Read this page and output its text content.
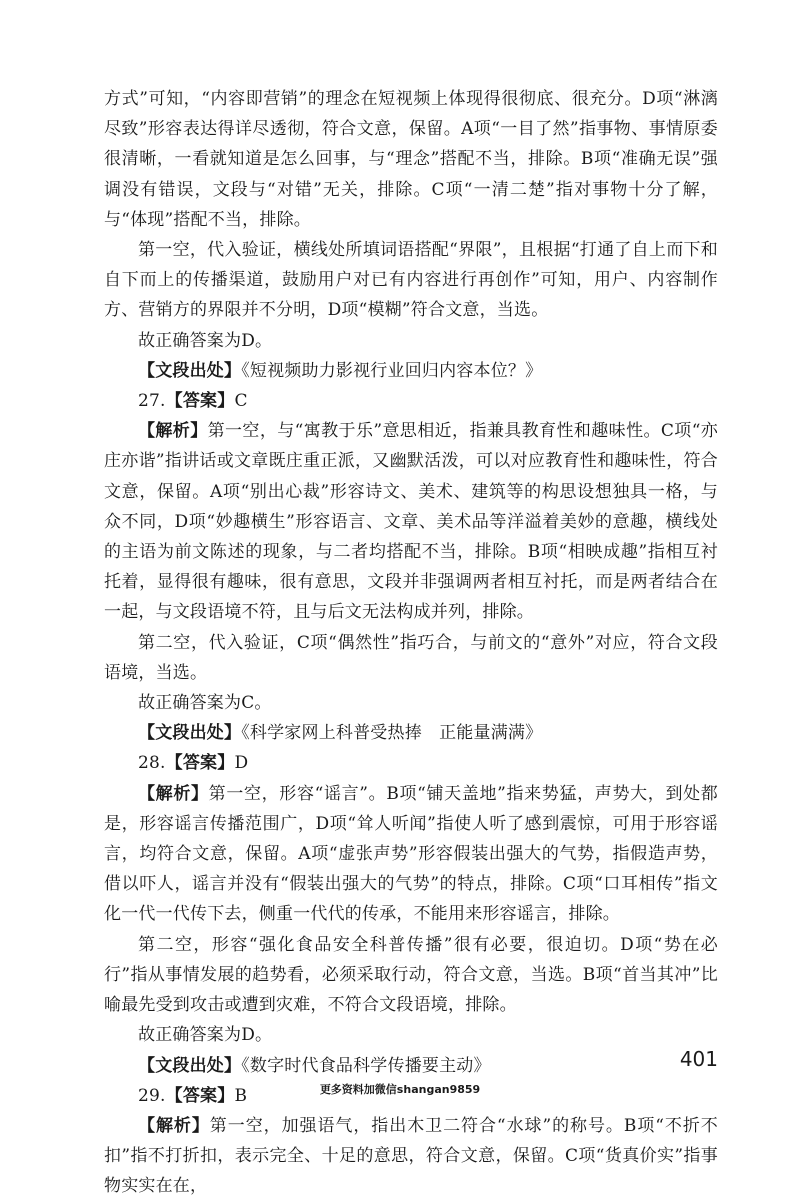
方式”可知，“内容即营销”的理念在短视频上体现得很彻底、很充分。D项“淋漓尽致”形容表达得详尽透彻，符合文意，保留。A项“一目了然”指事物、事情原委很清晰，一看就知道是怎么回事，与“理念”搭配不当，排除。B项“准确无误”强调没有错误，文段与“对错”无关，排除。C项“一清二楚”指对事物十分了解，与“体现”搭配不当，排除。

第一空，代入验证，横线处所填词语搭配“界限”，且根据“打通了自上而下和自下而上的传播渠道，鼓励用户对已有内容进行再创作”可知，用户、内容制作方、营销方的界限并不分明，D项“模糊”符合文意，当选。

故正确答案为D。

【文段出处】《短视频助力影视行业回归内容本位？》

27.【答案】C

【解析】第一空，与“寓教于乐”意思相近，指兼具教育性和趣味性。C项“亦庄亦谐”指讲话或文章既庄重正派，又幽默活泼，可以对应教育性和趣味性，符合文意，保留。A项“别出心裁”形容诗文、美术、建筑等的构思设想独具一格，与众不同，D项“妙趣横生”形容语言、文章、美术品等洋溢着美妙的意趣，横线处的主语为前文陈述的现象，与二者均搭配不当，排除。B项“相映成趣”指相互衬托着，显得很有趣味，很有意思，文段并非强调两者相互衬托，而是两者结合在一起，与文段语境不符，且与后文无法构成并列，排除。

第二空，代入验证，C项“偶然性”指巧合，与前文的“意外”对应，符合文段语境，当选。

故正确答案为C。

【文段出处】《科学家网上科普受热捧　正能量满满》

28.【答案】D

【解析】第一空，形容“谣言”。B项“铺天盖地”指来势猛，声势大，到处都是，形容谣言传播范围广，D项“耸人听闻”指使人听了感到震惊，可用于形容谣言，均符合文意，保留。A项“虚张声势”形容假装出强大的气势，指假造声势，借以吓人，谣言并没有“假装出强大的气势”的特点，排除。C项“口耳相传”指文化一代一代传下去，侧重一代代的传承，不能用来形容谣言，排除。

第二空，形容“强化食品安全科普传播”很有必要，很迫切。D项“势在必行”指从事情发展的趋势看，必须采取行动，符合文意，当选。B项“首当其冲”比喻最先受到攻击或遭到灾难，不符合文段语境，排除。

故正确答案为D。

【文段出处】《数字时代食品科学传播要主动》

29.【答案】B

【解析】第一空，加强语气，指出木卫二符合“水球”的称号。B项“不折不扣”指不打折扣，表示完全、十足的意思，符合文意，保留。C项“货真价实”指事物实实在在，

401
更多资料加微信shangan9859
